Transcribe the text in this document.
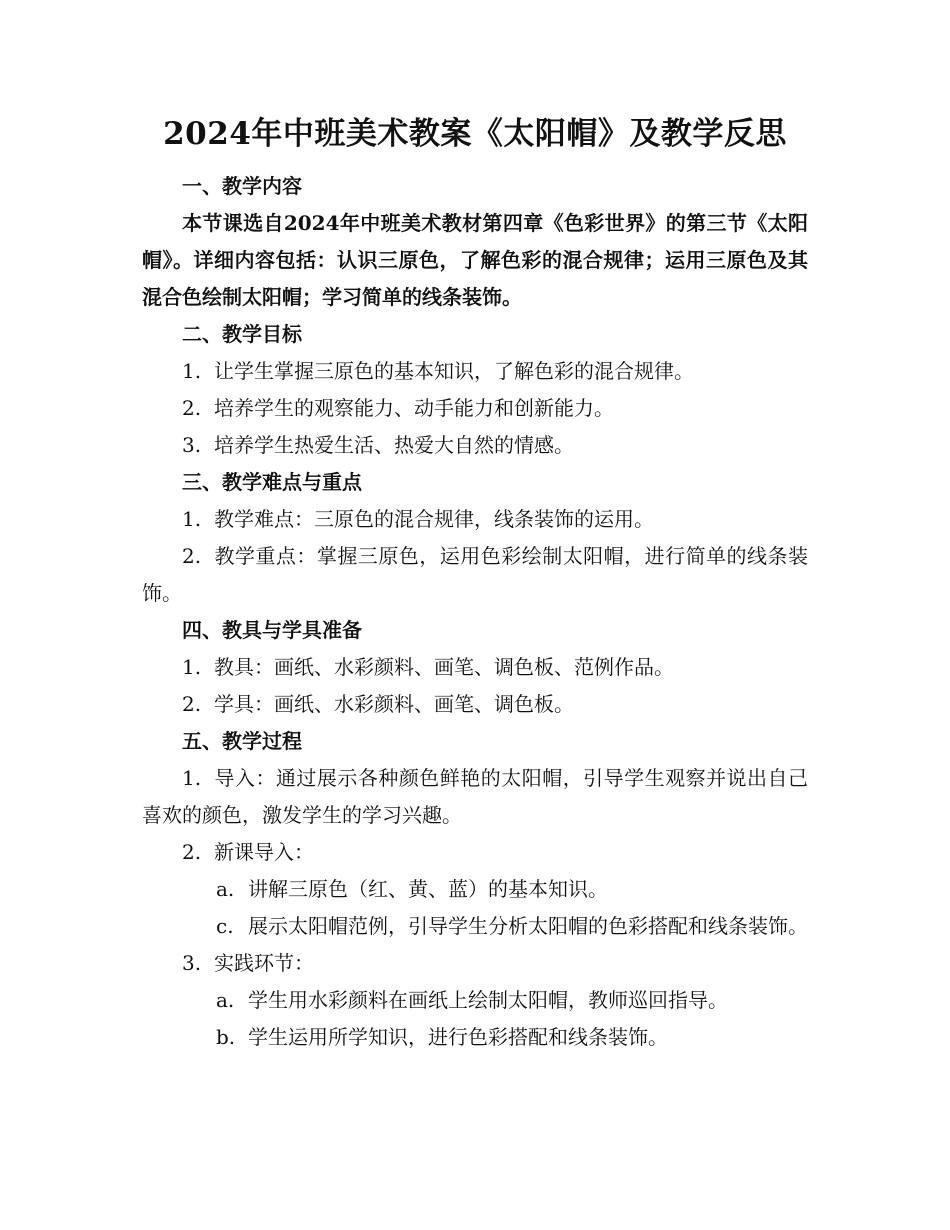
2024年中班美术教案《太阳帽》及教学反思

一、教学内容

本节课选自2024年中班美术教材第四章《色彩世界》的第三节《太阳帽》。详细内容包括：认识三原色，了解色彩的混合规律；运用三原色及其混合色绘制太阳帽；学习简单的线条装饰。

二、教学目标

1. 让学生掌握三原色的基本知识，了解色彩的混合规律。

2. 培养学生的观察能力、动手能力和创新能力。

3. 培养学生热爱生活、热爱大自然的情感。

三、教学难点与重点

1. 教学难点：三原色的混合规律，线条装饰的运用。

2. 教学重点：掌握三原色，运用色彩绘制太阳帽，进行简单的线条装饰。

四、教具与学具准备

1. 教具：画纸、水彩颜料、画笔、调色板、范例作品。

2. 学具：画纸、水彩颜料、画笔、调色板。

五、教学过程

1. 导入：通过展示各种颜色鲜艳的太阳帽，引导学生观察并说出自己喜欢的颜色，激发学生的学习兴趣。

2. 新课导入：

a. 讲解三原色（红、黄、蓝）的基本知识。

c. 展示太阳帽范例，引导学生分析太阳帽的色彩搭配和线条装饰。

3. 实践环节：

a. 学生用水彩颜料在画纸上绘制太阳帽，教师巡回指导。

b. 学生运用所学知识，进行色彩搭配和线条装饰。
